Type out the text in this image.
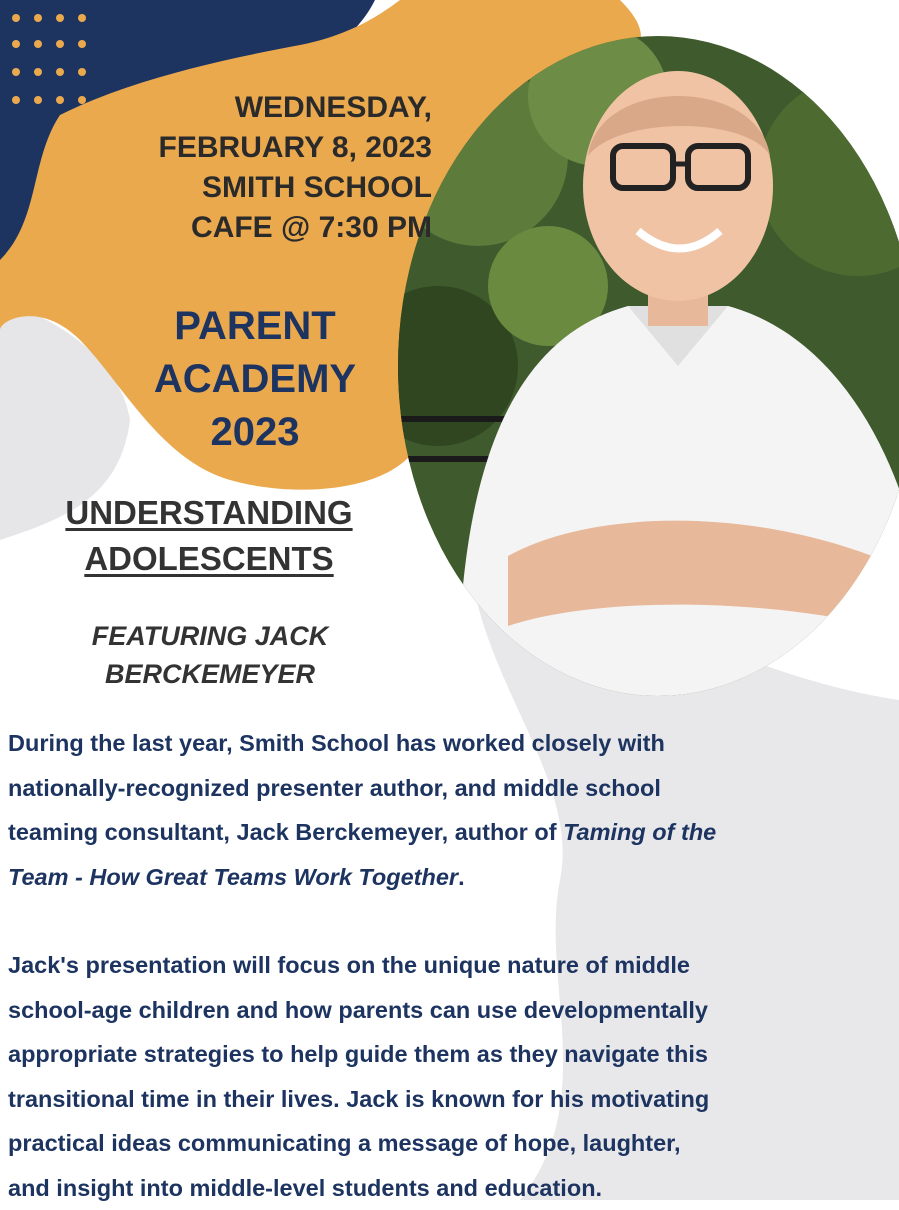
WEDNESDAY,
FEBRUARY 8, 2023
SMITH SCHOOL
CAFE @ 7:30 PM
PARENT
ACADEMY
2023
UNDERSTANDING
ADOLESCENTS
FEATURING JACK
BERCKEMEYER

During the last year, Smith School has worked closely with

nationally-recognized presenter author, and middle school

teaming consultant, Jack Berckemeyer, author of Taming of the

Team - How Great Teams Work Together.

Jack's presentation will focus on the unique nature of middle

school-age children and how parents can use developmentally

appropriate strategies to help guide them as they navigate this

transitional time in their lives. Jack is known for his motivating

practical ideas communicating a message of hope, laughter,

and insight into middle-level students and education.
